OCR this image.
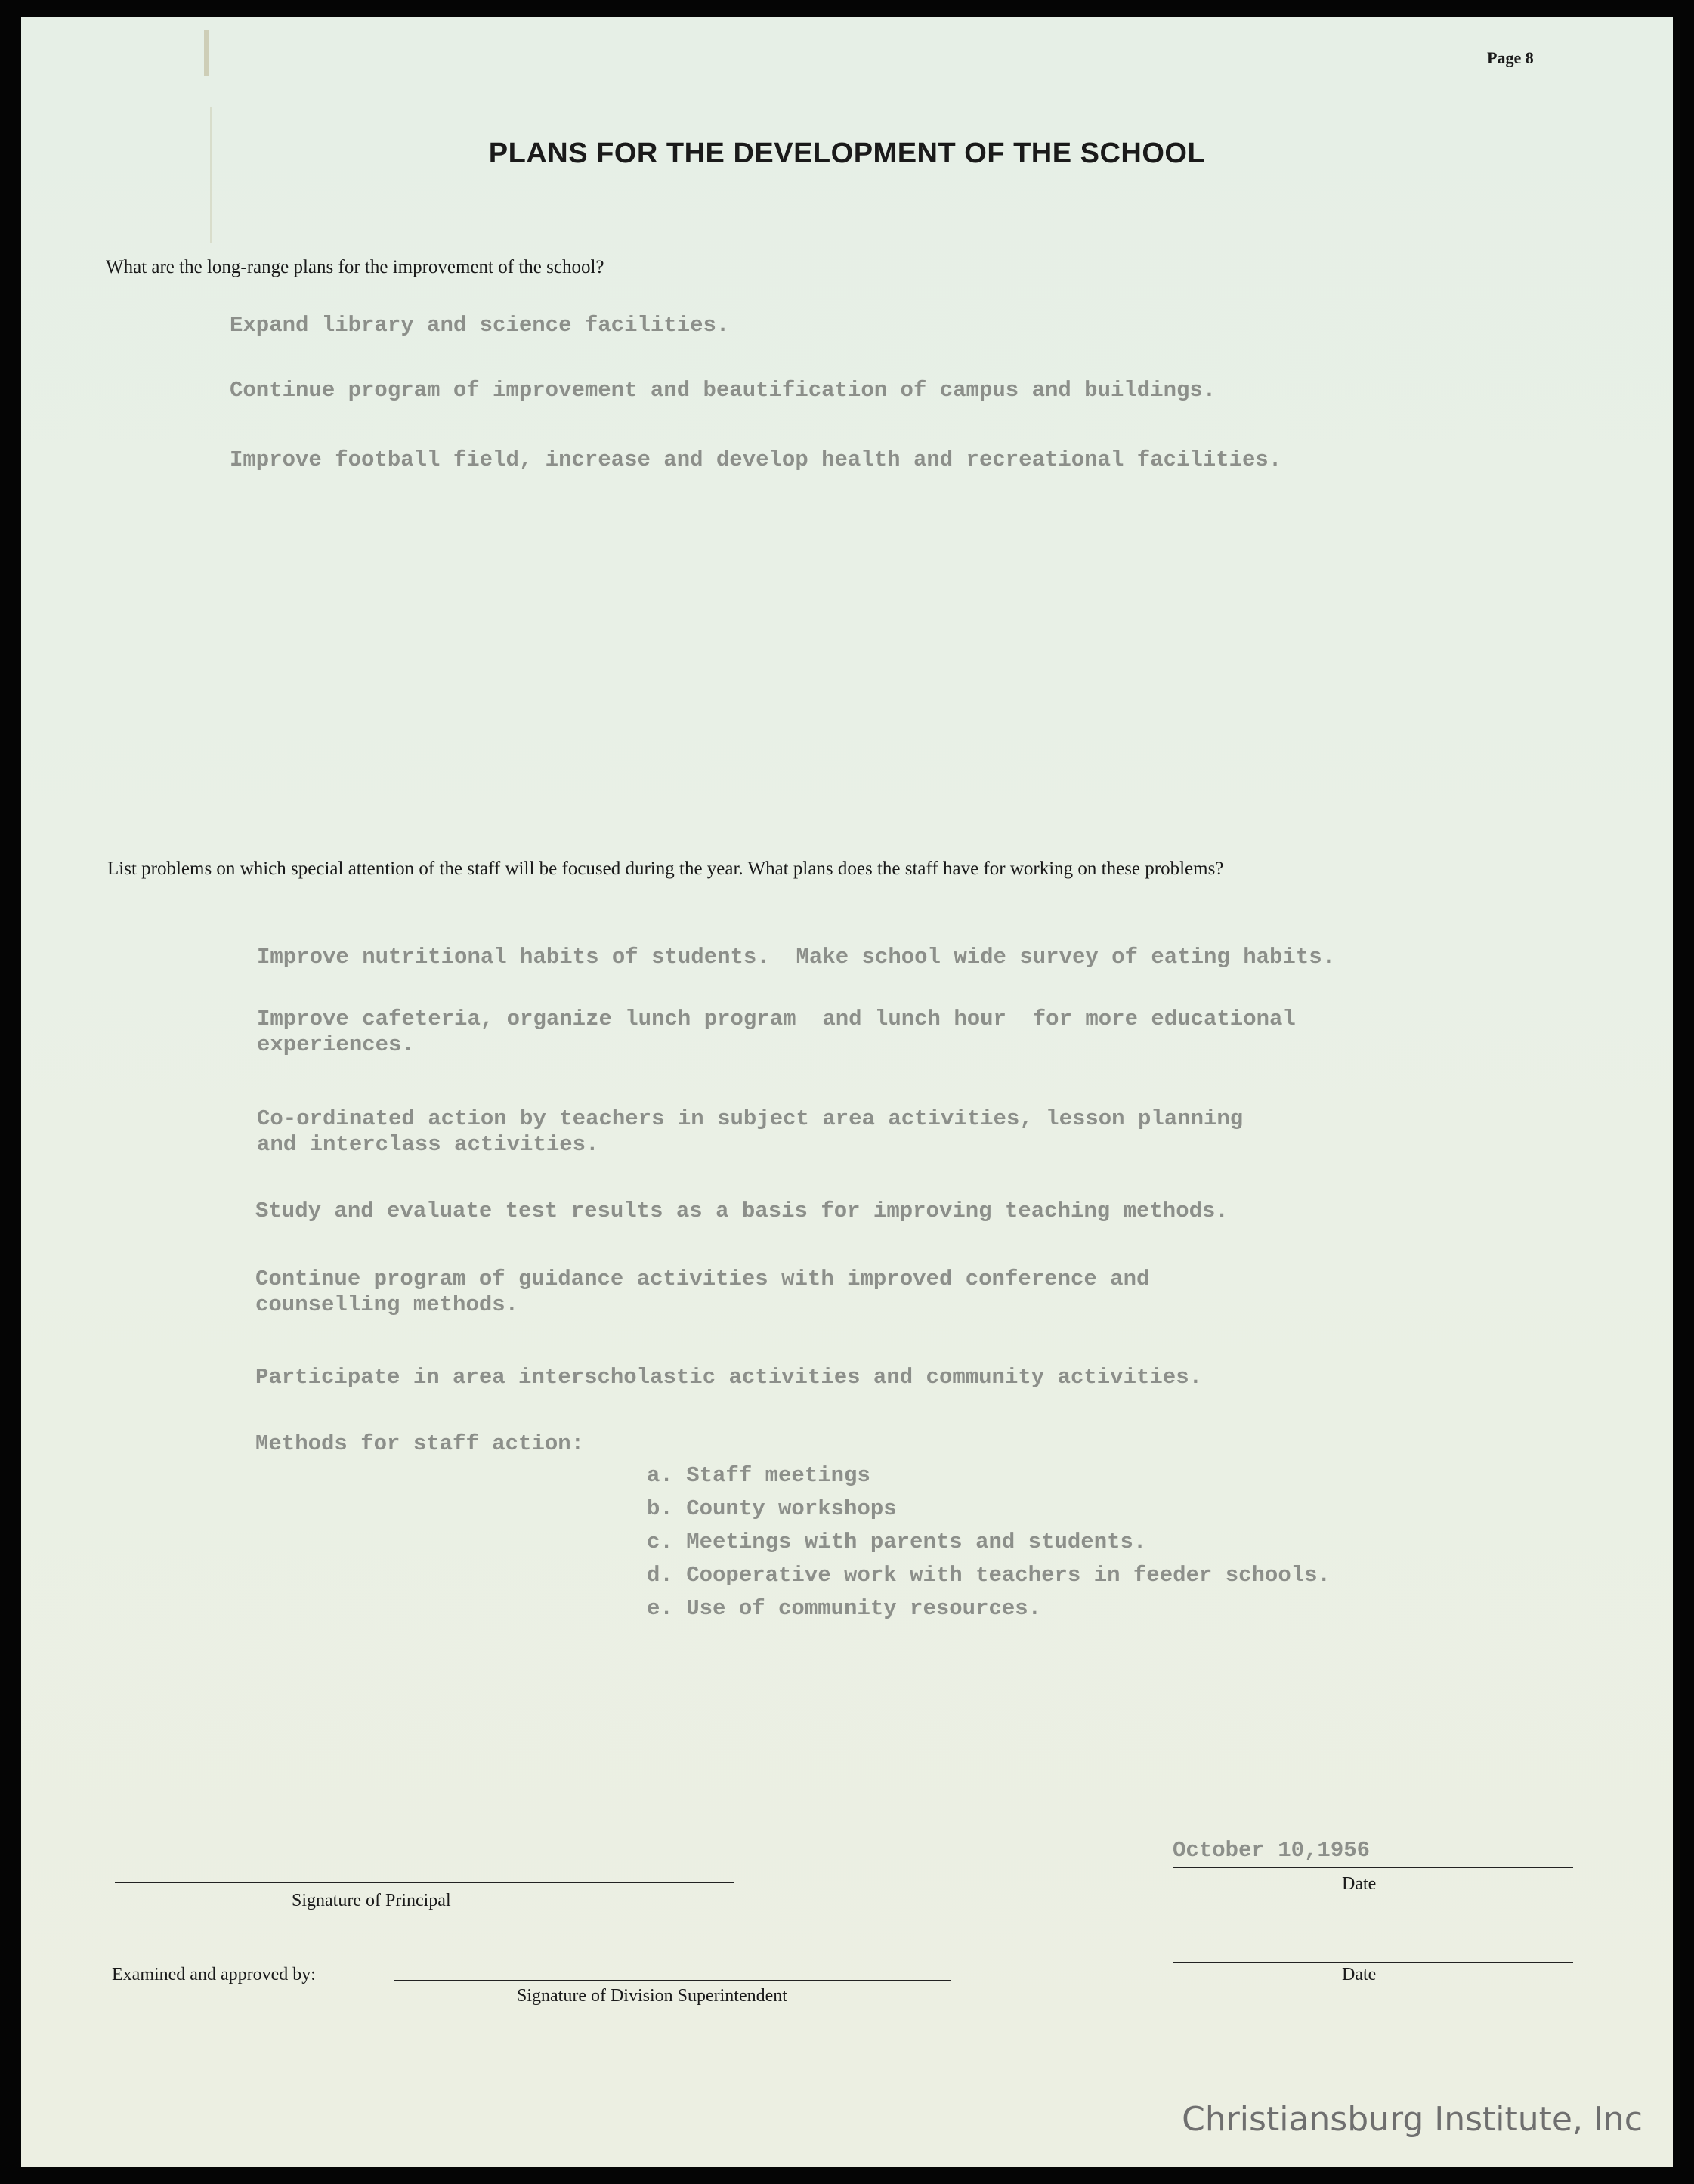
Page 8
PLANS FOR THE DEVELOPMENT OF THE SCHOOL
What are the long-range plans for the improvement of the school?
Expand library and science facilities.
Continue program of improvement and beautification of campus and buildings.
Improve football field, increase and develop health and recreational facilities.
List problems on which special attention of the staff will be focused during the year. What plans does the staff have for working on these problems?
Improve nutritional habits of students.  Make school wide survey of eating habits.
Improve cafeteria, organize lunch program  and lunch hour  for more educational
experiences.
Co-ordinated action by teachers in subject area activities, lesson planning
and interclass activities.
Study and evaluate test results as a basis for improving teaching methods.
Continue program of guidance activities with improved conference and
counselling methods.
Participate in area interscholastic activities and community activities.
Methods for staff action:
a. Staff meetings
b. County workshops
c. Meetings with parents and students.
d. Cooperative work with teachers in feeder schools.
e. Use of community resources.
October 10,1956
Signature of Principal
Date
Examined and approved by:
Signature of Division Superintendent
Date
Christiansburg Institute, Inc
